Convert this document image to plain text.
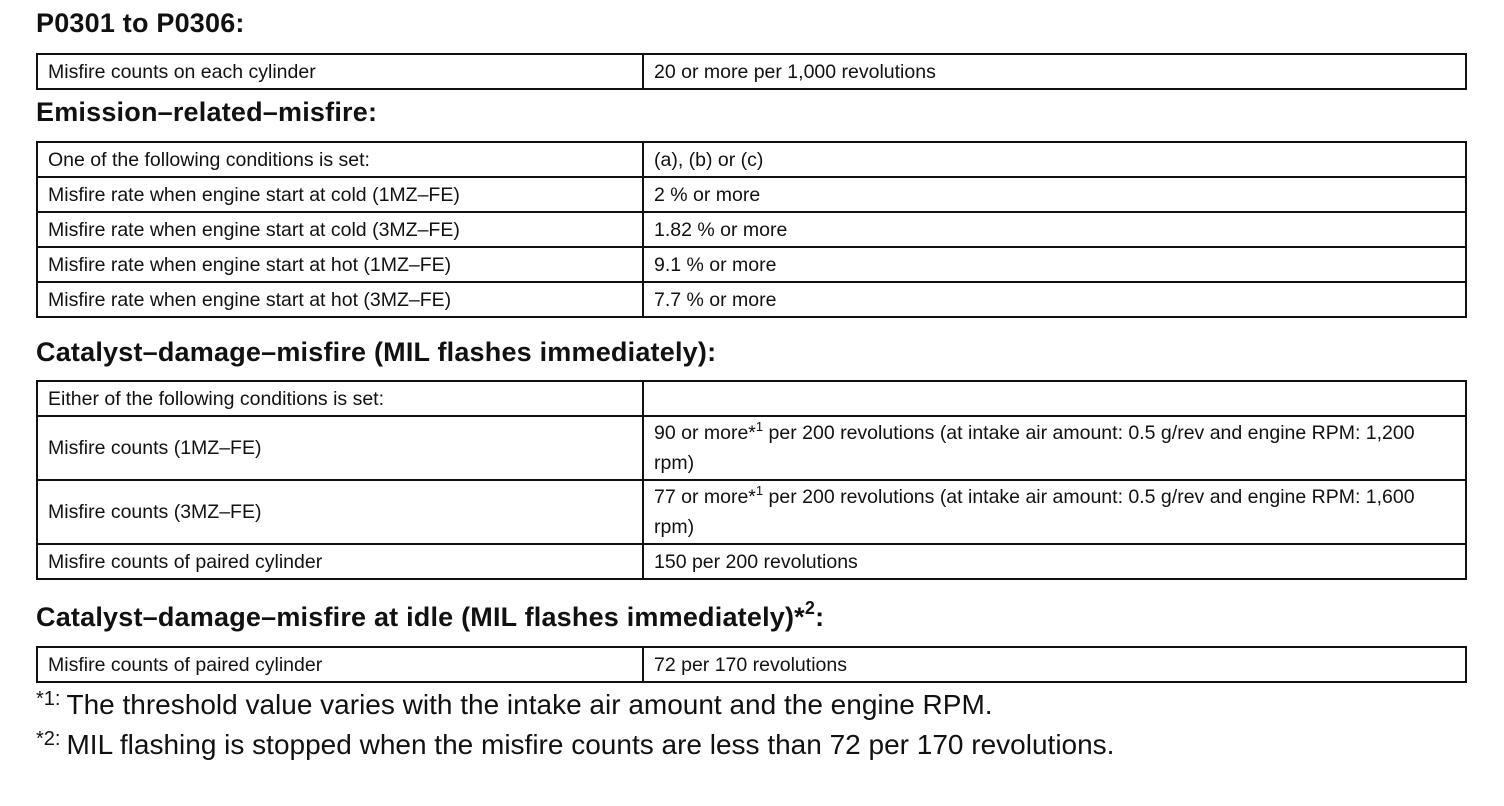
P0301 to P0306:
Misfire counts on each cylinder	20 or more per 1,000 revolutions
Emission–related–misfire:
One of the following conditions is set:	(a), (b) or (c)
Misfire rate when engine start at cold (1MZ–FE)	2 % or more
Misfire rate when engine start at cold (3MZ–FE)	1.82 % or more
Misfire rate when engine start at hot (1MZ–FE)	9.1 % or more
Misfire rate when engine start at hot (3MZ–FE)	7.7 % or more
Catalyst–damage–misfire (MIL flashes immediately):
Either of the following conditions is set:	
Misfire counts (1MZ–FE)	90 or more*$^1$ per 200 revolutions (at intake air amount: 0.5 g/rev and engine RPM: 1,200 rpm)
Misfire counts (3MZ–FE)	77 or more*$^1$ per 200 revolutions (at intake air amount: 0.5 g/rev and engine RPM: 1,600 rpm)
Misfire counts of paired cylinder	150 per 200 revolutions
Catalyst–damage–misfire at idle (MIL flashes immediately)*$^2$:
Misfire counts of paired cylinder	72 per 170 revolutions
$^{*1:}$ The threshold value varies with the intake air amount and the engine RPM.
$^{*2:}$ MIL flashing is stopped when the misfire counts are less than 72 per 170 revolutions.
